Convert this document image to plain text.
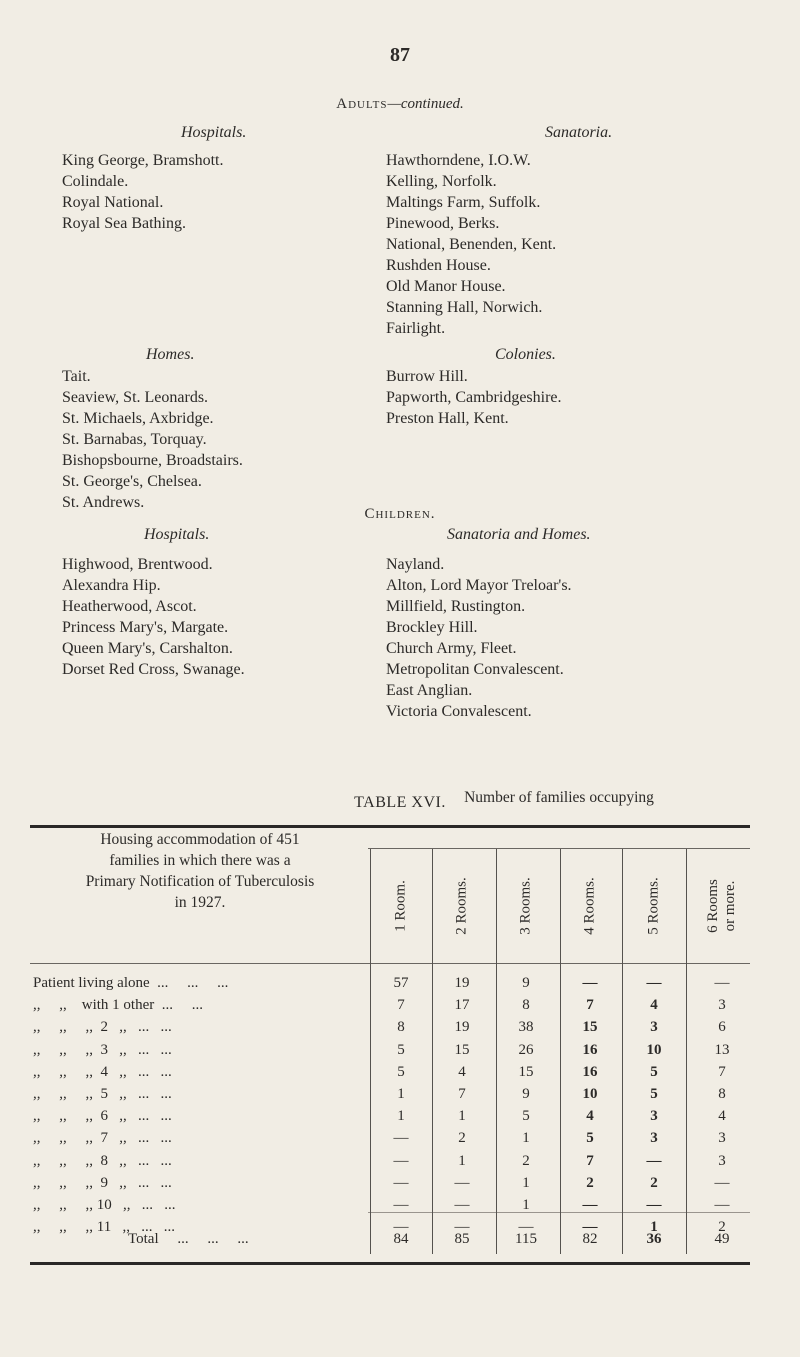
87
Adults—continued.
Hospitals.	Sanatoria.
King George, Bramshott.
Colindale.
Royal National.
Royal Sea Bathing.
Hawthorndene, I.O.W.
Kelling, Norfolk.
Maltings Farm, Suffolk.
Pinewood, Berks.
National, Benenden, Kent.
Rushden House.
Old Manor House.
Stanning Hall, Norwich.
Fairlight.
Homes.	Colonies.
Tait.
Seaview, St. Leonards.
St. Michaels, Axbridge.
St. Barnabas, Torquay.
Bishopsbourne, Broadstairs.
St. George's, Chelsea.
St. Andrews.
Burrow Hill.
Papworth, Cambridgeshire.
Preston Hall, Kent.
Children.
Hospitals.	Sanatoria and Homes.
Highwood, Brentwood.
Alexandra Hip.
Heatherwood, Ascot.
Princess Mary's, Margate.
Queen Mary's, Carshalton.
Dorset Red Cross, Swanage.
Nayland.
Alton, Lord Mayor Treloar's.
Millfield, Rustington.
Brockley Hill.
Church Army, Fleet.
Metropolitan Convalescent.
East Anglian.
Victoria Convalescent.
TABLE XVI.
Housing accommodation of 451
families in which there was a
Primary Notification of Tuberculosis
in 1927.
Number of families occupying
1 Room.	2 Rooms.	3 Rooms.	4 Rooms.	5 Rooms.	6 Rooms or more.
Patient living alone  ...     ...     ...	57	19	9	—	—	—
,,     ,,    with 1 other  ...     ...	7	17	8	7	4	3
,,     ,,     ,,  2   ,,   ...   ...	8	19	38	15	3	6
,,     ,,     ,,  3   ,,   ...   ...	5	15	26	16	10	13
,,     ,,     ,,  4   ,,   ...   ...	5	4	15	16	5	7
,,     ,,     ,,  5   ,,   ...   ...	1	7	9	10	5	8
,,     ,,     ,,  6   ,,   ...   ...	1	1	5	4	3	4
,,     ,,     ,,  7   ,,   ...   ...	—	2	1	5	3	3
,,     ,,     ,,  8   ,,   ...   ...	—	1	2	7	—	3
,,     ,,     ,,  9   ,,   ...   ...	—	—	1	2	2	—
,,     ,,     ,, 10   ,,   ...   ...	—	—	1	—	—	—
,,     ,,     ,, 11   ,,   ...   ...	—	—	—	—	1	2
Total     ...     ...     ...	84	85	115	82	36	49
